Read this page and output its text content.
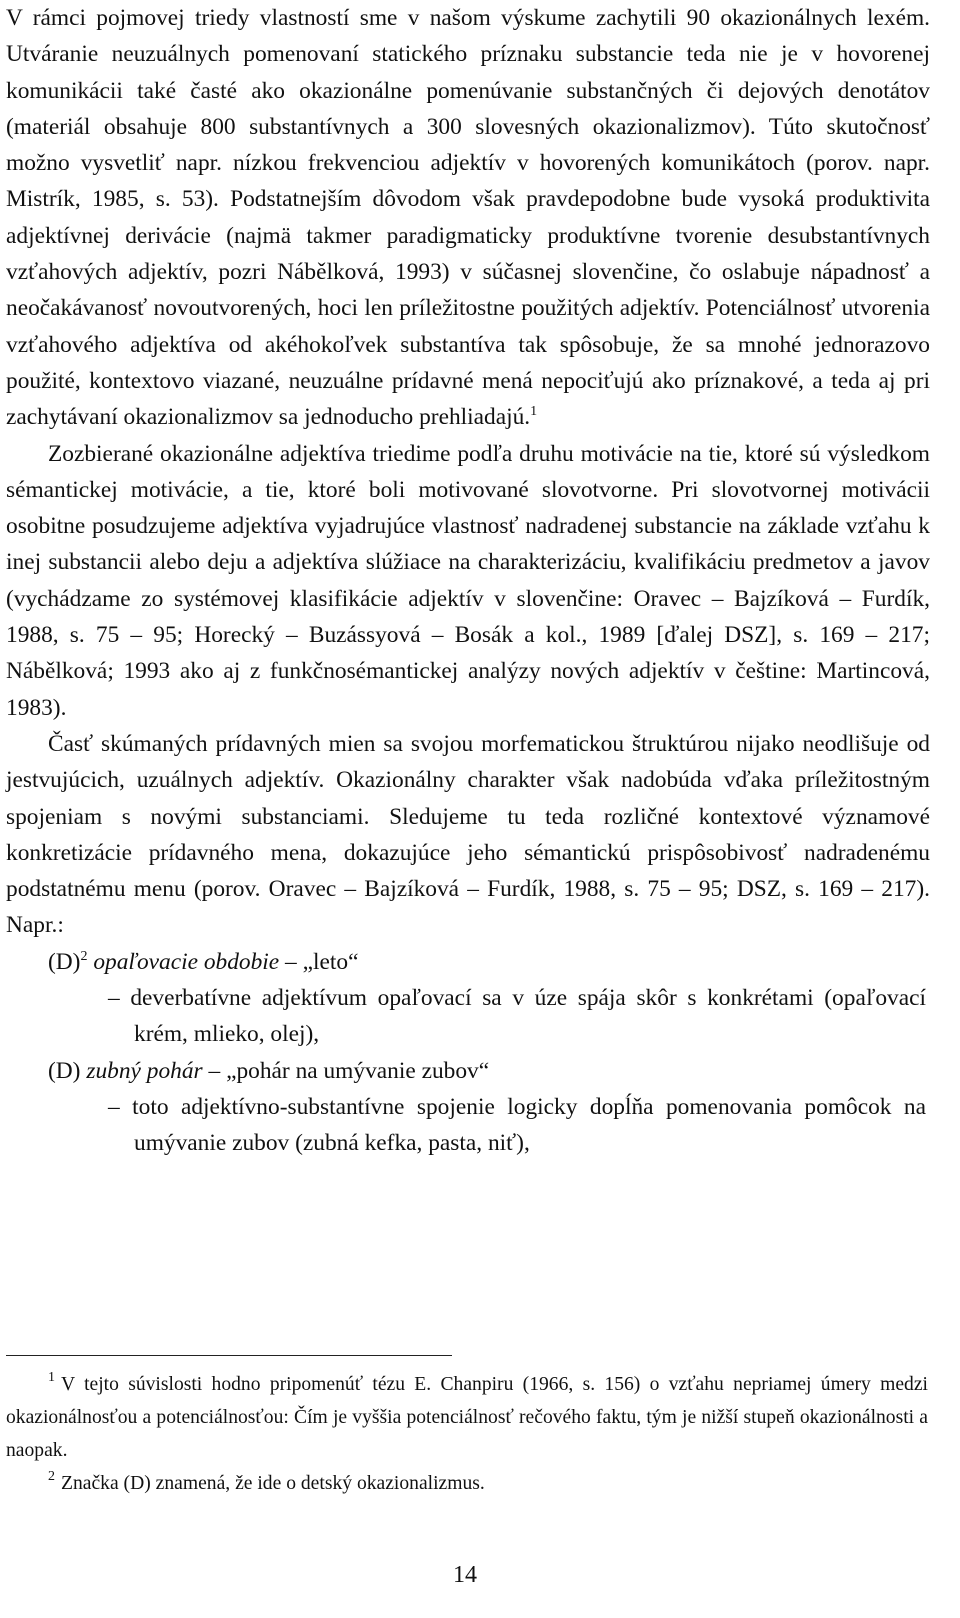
V rámci pojmovej triedy vlastností sme v našom výskume zachytili 90 okazionálnych lexém. Utváranie neuzuálnych pomenovaní statického príznaku substancie teda nie je v hovorenej komunikácii také časté ako okazionálne pomenúvanie substančných či dejových denotátov (materiál obsahuje 800 substantívnych a 300 slovesných okazionalizmov). Túto skutočnosť možno vysvetliť napr. nízkou frekvenciou adjektív v hovorených komunikátoch (porov. napr. Mistrík, 1985, s. 53). Podstatnejším dôvodom však pravdepodobne bude vysoká produktivita adjektívnej derivácie (najmä takmer paradigmaticky produktívne tvorenie desubstantívnych vzťahových adjektív, pozri Nábělková, 1993) v súčasnej slovenčine, čo oslabuje nápadnosť a neočakávanosť novoutvorených, hoci len príležitostne použitých adjektív. Potenciálnosť utvorenia vzťahového adjektíva od akéhokoľvek substantíva tak spôsobuje, že sa mnohé jednorazovo použité, kontextovo viazané, neuzuálne prídavné mená nepociťujú ako príznakové, a teda aj pri zachytávaní okazionalizmov sa jednoducho prehliadajú.$^1$

Zozbierané okazionálne adjektíva triedime podľa druhu motivácie na tie, ktoré sú výsledkom sémantickej motivácie, a tie, ktoré boli motivované slovotvorne. Pri slovotvornej motivácii osobitne posudzujeme adjektíva vyjadrujúce vlastnosť nadradenej substancie na základe vzťahu k inej substancii alebo deju a adjektíva slúžiace na charakterizáciu, kvalifikáciu predmetov a javov (vychádzame zo systémovej klasifikácie adjektív v slovenčine: Oravec – Bajzíková – Furdík, 1988, s. 75 – 95; Horecký – Buzássyová – Bosák a kol., 1989 [ďalej DSZ], s. 169 – 217; Nábělková; 1993 ako aj z funkčnosémantickej analýzy nových adjektív v češtine: Martincová, 1983).

Časť skúmaných prídavných mien sa svojou morfematickou štruktúrou nijako neodlišuje od jestvujúcich, uzuálnych adjektív. Okazionálny charakter však nadobúda vďaka príležitostným spojeniam s novými substanciami. Sledujeme tu teda rozličné kontextové významové konkretizácie prídavného mena, dokazujúce jeho sémantickú prispôsobivosť nadradenému podstatnému menu (porov. Oravec – Bajzíková – Furdík, 1988, s. 75 – 95; DSZ, s. 169 – 217). Napr.:

$(D)^2$ opaľovacie obdobie – „leto“

– deverbatívne adjektívum opaľovací sa v úze spája skôr s konkrétami (opaľovací krém, mlieko, olej),

(D) zubný pohár – „pohár na umývanie zubov“

– toto adjektívno-substantívne spojenie logicky dopĺňa pomenovania pomôcok na umývanie zubov (zubná kefka, pasta, niť),

$^1$ V tejto súvislosti hodno pripomenúť tézu E. Chanpiru (1966, s. 156) o vzťahu nepriamej úmery medzi okazionálnosťou a potenciálnosťou: Čím je vyššia potenciálnosť rečového faktu, tým je nižší stupeň okazionálnosti a naopak.

$^2$ Značka (D) znamená, že ide o detský okazionalizmus.

14
